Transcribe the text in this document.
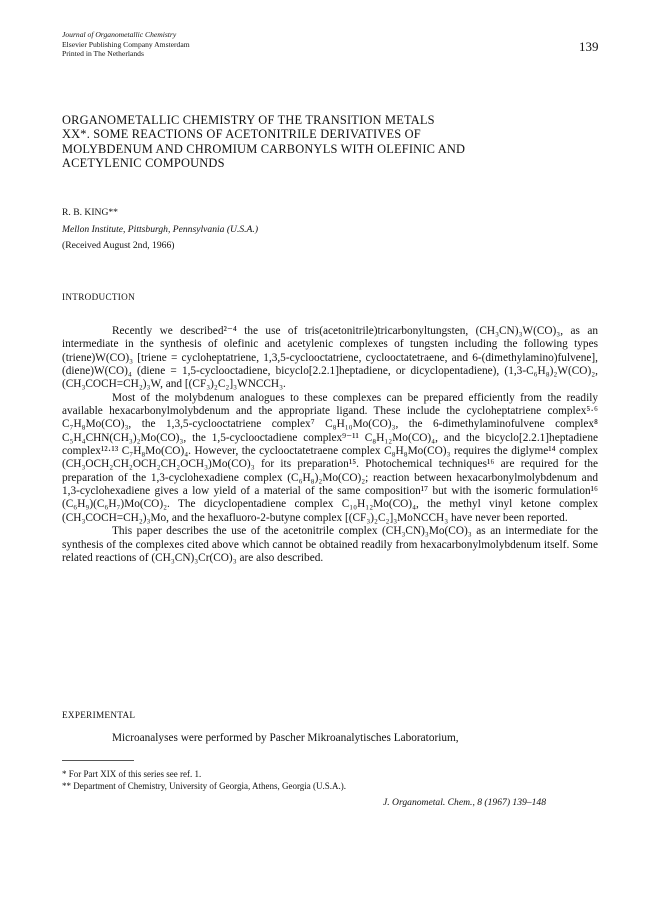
Journal of Organometallic Chemistry
Elsevier Publishing Company Amsterdam
Printed in The Netherlands	139
ORGANOMETALLIC CHEMISTRY OF THE TRANSITION METALS
XX*. SOME REACTIONS OF ACETONITRILE DERIVATIVES OF
MOLYBDENUM AND CHROMIUM CARBONYLS WITH OLEFINIC AND
ACETYLENIC COMPOUNDS
R. B. KING**
Mellon Institute, Pittsburgh, Pennsylvania (U.S.A.)
(Received August 2nd, 1966)
INTRODUCTION

Recently we described²⁻⁴ the use of tris(acetonitrile)tricarbonyltungsten, (CH₃CN)₃W(CO)₃, as an intermediate in the synthesis of olefinic and acetylenic complexes of tungsten including the following types (triene)W(CO)₃ [triene = cycloheptatriene, 1,3,5-cyclooctatriene, cyclooctatetraene, and 6-(dimethylamino)fulvene], (diene)W(CO)₄ (diene = 1,5-cyclooctadiene, bicyclo[2.2.1]heptadiene, or dicyclopentadiene), (1,3-C₆H₈)₂W(CO)₂, (CH₃COCH=CH₂)₃W, and [(CF₃)₂C₂]₃WNCCH₃.

Most of the molybdenum analogues to these complexes can be prepared efficiently from the readily available hexacarbonylmolybdenum and the appropriate ligand. These include the cycloheptatriene complex⁵·⁶ C₇H₈Mo(CO)₃, the 1,3,5-cyclooctatriene complex⁷ C₈H₁₀Mo(CO)₃, the 6-dimethylaminofulvene complex⁸ C₅H₄CHN(CH₃)₂Mo(CO)₃, the 1,5-cyclooctadiene complex⁹⁻¹¹ C₈H₁₂Mo(CO)₄, and the bicyclo[2.2.1]heptadiene complex¹²·¹³ C₇H₈Mo(CO)₄. However, the cyclooctatetraene complex C₈H₈Mo(CO)₃ requires the diglyme¹⁴ complex (CH₃OCH₂CH₂OCH₂CH₂OCH₃)Mo(CO)₃ for its preparation¹⁵. Photochemical techniques¹⁶ are required for the preparation of the 1,3-cyclohexadiene complex (C₆H₈)₂Mo(CO)₂; reaction between hexacarbonylmolybdenum and 1,3-cyclohexadiene gives a low yield of a material of the same composition¹⁷ but with the isomeric formulation¹⁶ (C₆H₉)(C₆H₇)Mo(CO)₂. The dicyclopentadiene complex C₁₀H₁₂Mo(CO)₄, the methyl vinyl ketone complex (CH₃COCH=CH₂)₃Mo, and the hexafluoro-2-butyne complex [(CF₃)₂C₂]₃MoNCCH₃ have never been reported.

This paper describes the use of the acetonitrile complex (CH₃CN)₃Mo(CO)₃ as an intermediate for the synthesis of the complexes cited above which cannot be obtained readily from hexacarbonylmolybdenum itself. Some related reactions of (CH₃CN)₃Cr(CO)₃ are also described.

EXPERIMENTAL

Microanalyses were performed by Pascher Mikroanalytisches Laboratorium,

* For Part XIX of this series see ref. 1.
** Department of Chemistry, University of Georgia, Athens, Georgia (U.S.A.).
J. Organometal. Chem., 8 (1967) 139–148
